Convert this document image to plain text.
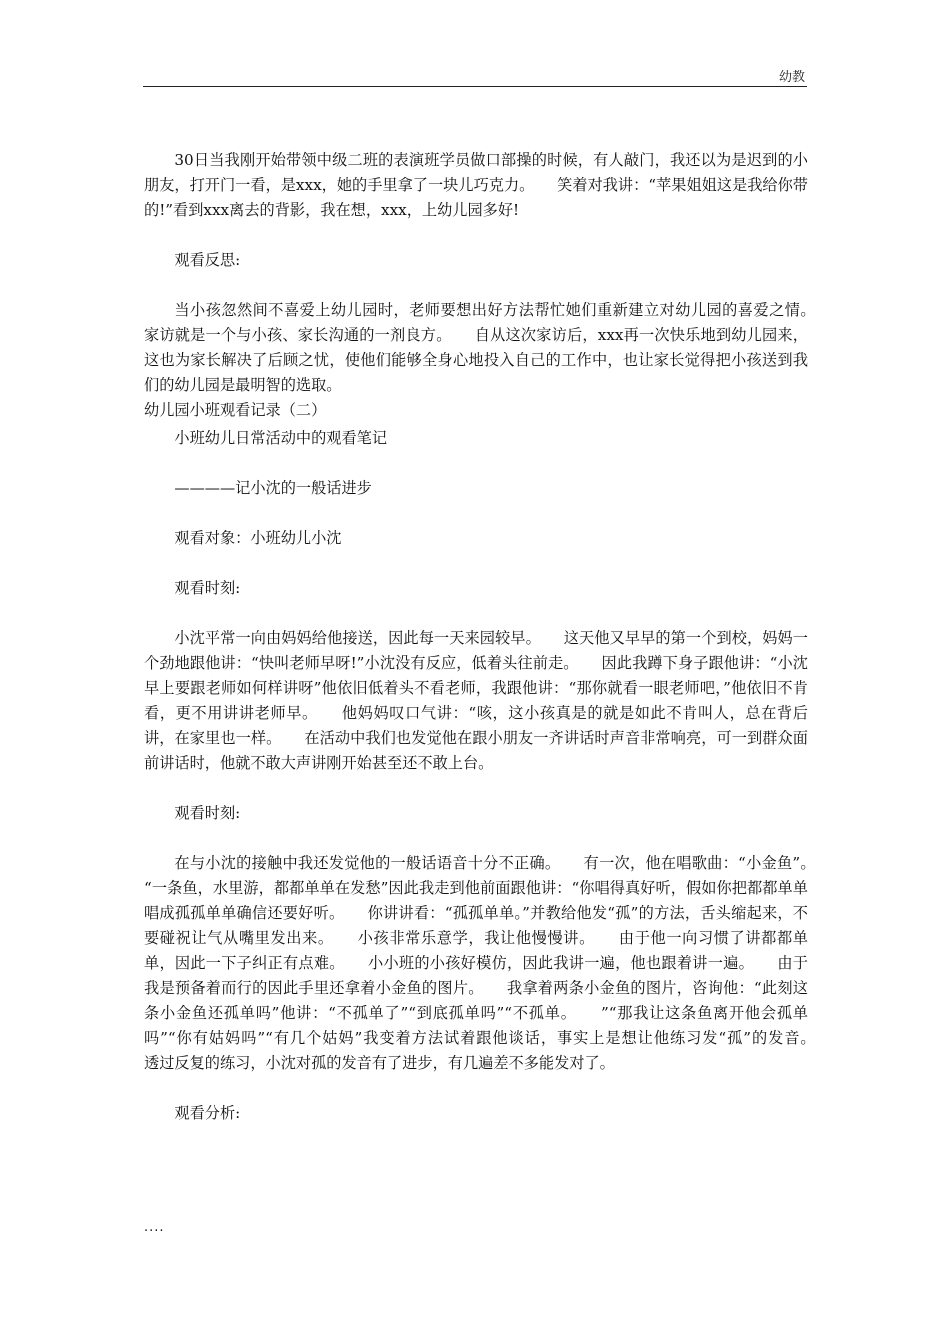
幼教

30日当我刚开始带领中级二班的表演班学员做口部操的时候，有人敲门，我还以为是迟到的小朋友，打开门一看，是xxx，她的手里拿了一块儿巧克力。　　笑着对我讲：“苹果姐姐这是我给你带的!”看到xxx离去的背影，我在想，xxx，上幼儿园多好!

观看反思:

当小孩忽然间不喜爱上幼儿园时，老师要想出好方法帮忙她们重新建立对幼儿园的喜爱之情。　　家访就是一个与小孩、家长沟通的一剂良方。　　自从这次家访后，xxx再一次快乐地到幼儿园来，这也为家长解决了后顾之忧，使他们能够全身心地投入自己的工作中，也让家长觉得把小孩送到我们的幼儿园是最明智的选取。

幼儿园小班观看记录（二）

小班幼儿日常活动中的观看笔记

————记小沈的一般话进步

观看对象：小班幼儿小沈

观看时刻:

小沈平常一向由妈妈给他接送，因此每一天来园较早。　　这天他又早早的第一个到校，妈妈一个劲地跟他讲：“快叫老师早呀!”小沈没有反应，低着头往前走。　　因此我蹲下身子跟他讲：“小沈早上要跟老师如何样讲呀”他依旧低着头不看老师，我跟他讲：“那你就看一眼老师吧，”他依旧不肯看，更不用讲讲老师早。　　他妈妈叹口气讲：“咳，这小孩真是的就是如此不肯叫人，总在背后讲，在家里也一样。　　在活动中我们也发觉他在跟小朋友一齐讲话时声音非常响亮，可一到群众面前讲话时，他就不敢大声讲刚开始甚至还不敢上台。

观看时刻:

在与小沈的接触中我还发觉他的一般话语音十分不正确。　　有一次，他在唱歌曲：“小金鱼”。　　“一条鱼，水里游，都都单单在发愁”因此我走到他前面跟他讲：“你唱得真好听，假如你把都都单单唱成孤孤单单确信还要好听。　　你讲讲看：“孤孤单单。”并教给他发“孤”的方法，舌头缩起来，不要碰祝让气从嘴里发出来。　　小孩非常乐意学，我让他慢慢讲。　　由于他一向习惯了讲都都单单，因此一下子纠正有点难。　　小小班的小孩好模仿，因此我讲一遍，他也跟着讲一遍。　　由于我是预备着而行的因此手里还拿着小金鱼的图片。　　我拿着两条小金鱼的图片，咨询他：“此刻这条小金鱼还孤单吗”他讲：“不孤单了”“到底孤单吗”“不孤单。　　”“那我让这条鱼离开他会孤单吗”“你有姑妈吗”“有几个姑妈”我变着方法试着跟他谈话，事实上是想让他练习发“孤”的发音。　　透过反复的练习，小沈对孤的发音有了进步，有几遍差不多能发对了。

观看分析:

....
